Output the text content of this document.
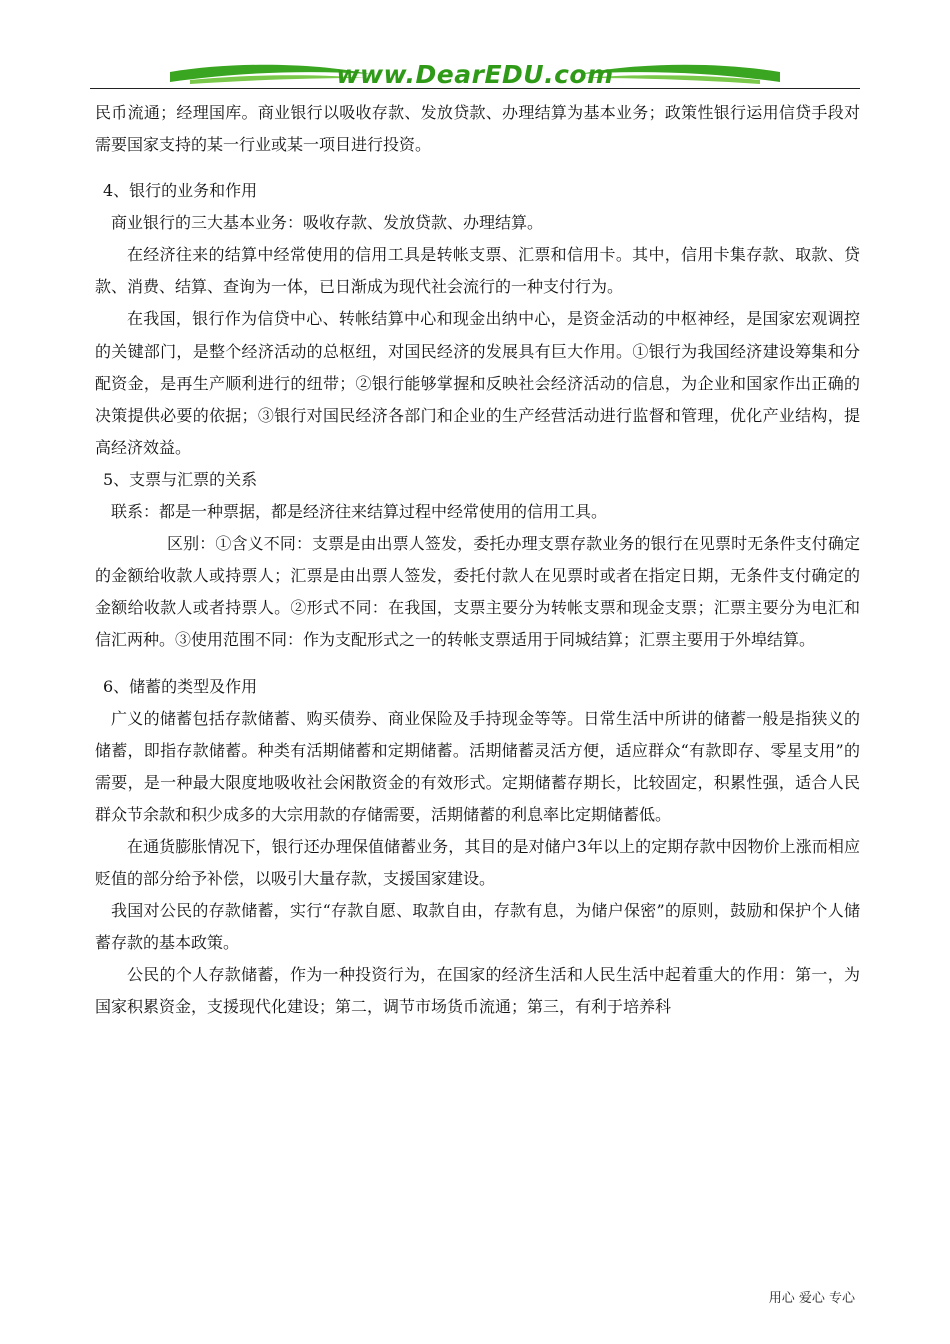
www.DearEDU.com

民币流通；经理国库。商业银行以吸收存款、发放贷款、办理结算为基本业务；政策性银行运用信贷手段对需要国家支持的某一行业或某一项目进行投资。

4、银行的业务和作用

商业银行的三大基本业务：吸收存款、发放贷款、办理结算。

在经济往来的结算中经常使用的信用工具是转帐支票、汇票和信用卡。其中，信用卡集存款、取款、贷款、消费、结算、查询为一体，已日渐成为现代社会流行的一种支付行为。

在我国，银行作为信贷中心、转帐结算中心和现金出纳中心，是资金活动的中枢神经，是国家宏观调控的关键部门，是整个经济活动的总枢纽，对国民经济的发展具有巨大作用。①银行为我国经济建设筹集和分配资金，是再生产顺利进行的纽带；②银行能够掌握和反映社会经济活动的信息，为企业和国家作出正确的决策提供必要的依据；③银行对国民经济各部门和企业的生产经营活动进行监督和管理，优化产业结构，提高经济效益。

5、支票与汇票的关系

联系：都是一种票据，都是经济往来结算过程中经常使用的信用工具。

区别：①含义不同：支票是由出票人签发，委托办理支票存款业务的银行在见票时无条件支付确定的金额给收款人或持票人；汇票是由出票人签发，委托付款人在见票时或者在指定日期，无条件支付确定的金额给收款人或者持票人。②形式不同：在我国，支票主要分为转帐支票和现金支票；汇票主要分为电汇和信汇两种。③使用范围不同：作为支配形式之一的转帐支票适用于同城结算；汇票主要用于外埠结算。

6、储蓄的类型及作用

广义的储蓄包括存款储蓄、购买债券、商业保险及手持现金等等。日常生活中所讲的储蓄一般是指狭义的储蓄，即指存款储蓄。种类有活期储蓄和定期储蓄。活期储蓄灵活方便，适应群众“有款即存、零星支用”的需要，是一种最大限度地吸收社会闲散资金的有效形式。定期储蓄存期长，比较固定，积累性强，适合人民群众节余款和积少成多的大宗用款的存储需要，活期储蓄的利息率比定期储蓄低。

在通货膨胀情况下，银行还办理保值储蓄业务，其目的是对储户3年以上的定期存款中因物价上涨而相应贬值的部分给予补偿，以吸引大量存款，支援国家建设。

我国对公民的存款储蓄，实行“存款自愿、取款自由，存款有息，为储户保密”的原则，鼓励和保护个人储蓄存款的基本政策。

公民的个人存款储蓄，作为一种投资行为，在国家的经济生活和人民生活中起着重大的作用：第一，为国家积累资金，支援现代化建设；第二，调节市场货币流通；第三，有利于培养科

用心 爱心 专心
